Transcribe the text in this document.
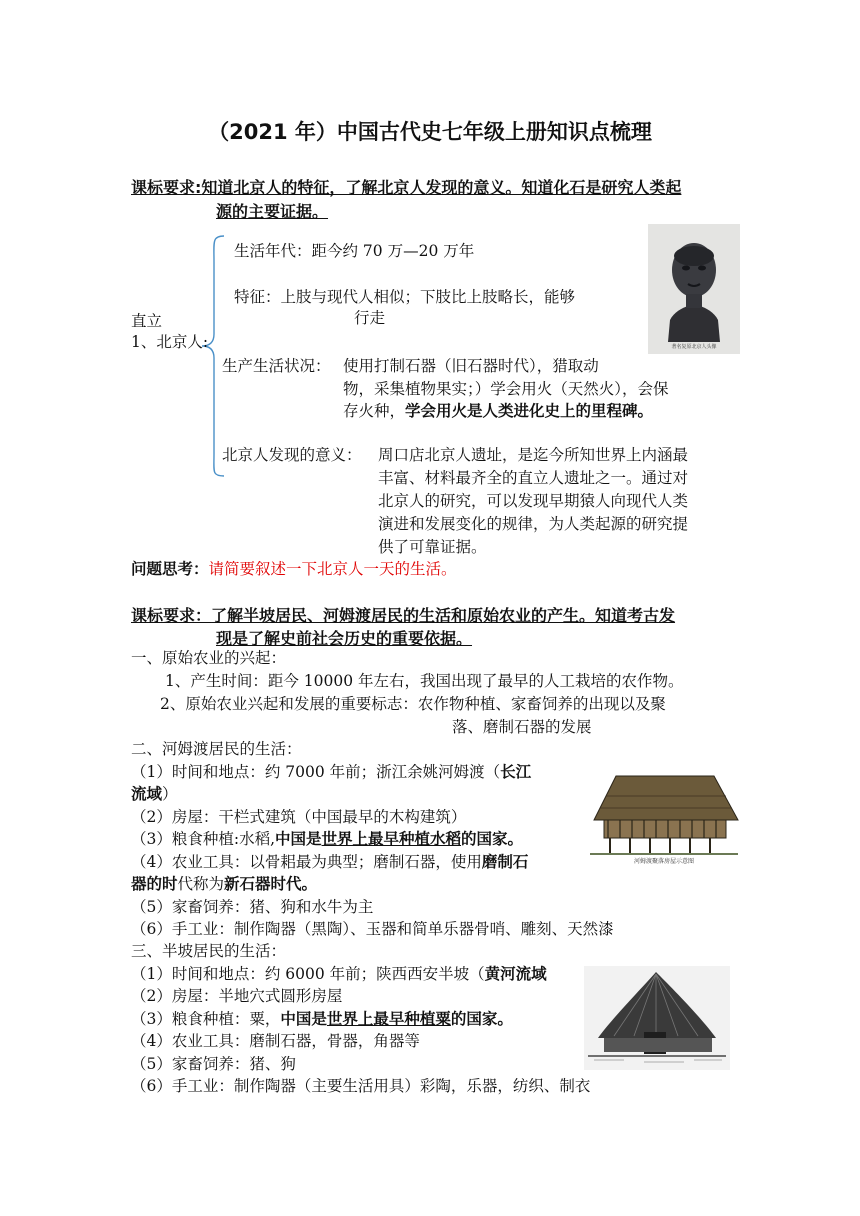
（2021 年）中国古代史七年级上册知识点梳理
课标要求:知道北京人的特征，了解北京人发现的意义。知道化石是研究人类起
源的主要证据。
生活年代：距今约 70 万—20 万年
特征：上肢与现代人相似；下肢比上肢略长，能够
直立	行走
1、北京人:
生产生活状况： 使用打制石器（旧石器时代），猎取动
物，采集植物果实；）学会用火（天然火），会保
存火种，学会用火是人类进化史上的里程碑。
北京人发现的意义： 周口店北京人遗址，是迄今所知世界上内涵最
丰富、材料最齐全的直立人遗址之一。通过对
北京人的研究，可以发现早期猿人向现代人类
演进和发展变化的规律，为人类起源的研究提
供了可靠证据。
问题思考：请简要叙述一下北京人一天的生活。
著名复原北京人头像
课标要求：了解半坡居民、河姆渡居民的生活和原始农业的产生。知道考古发
现是了解史前社会历史的重要依据。
一、原始农业的兴起：
1、产生时间：距今 10000 年左右，我国出现了最早的人工栽培的农作物。
2、原始农业兴起和发展的重要标志：农作物种植、家畜饲养的出现以及聚
落、磨制石器的发展
二、河姆渡居民的生活：
（1）时间和地点：约 7000 年前；浙江余姚河姆渡（长江
流域）
（2）房屋：干栏式建筑（中国最早的木构建筑）
（3）粮食种植:水稻,中国是世界上最早种植水稻的国家。
（4）农业工具：以骨耜最为典型；磨制石器，使用磨制石
器的时代称为新石器时代。
（5）家畜饲养：猪、狗和水牛为主
（6）手工业：制作陶器（黑陶）、玉器和简单乐器骨哨、雕刻、天然漆
河姆渡聚落房屋示意图
三、半坡居民的生活：
（1）时间和地点：约 6000 年前；陕西西安半坡（黄河流域
（2）房屋：半地穴式圆形房屋
（3）粮食种植：粟，中国是世界上最早种植粟的国家。
（4）农业工具：磨制石器，骨器，角器等
（5）家畜饲养：猪、狗
（6）手工业：制作陶器（主要生活用具）彩陶，乐器，纺织、制衣
